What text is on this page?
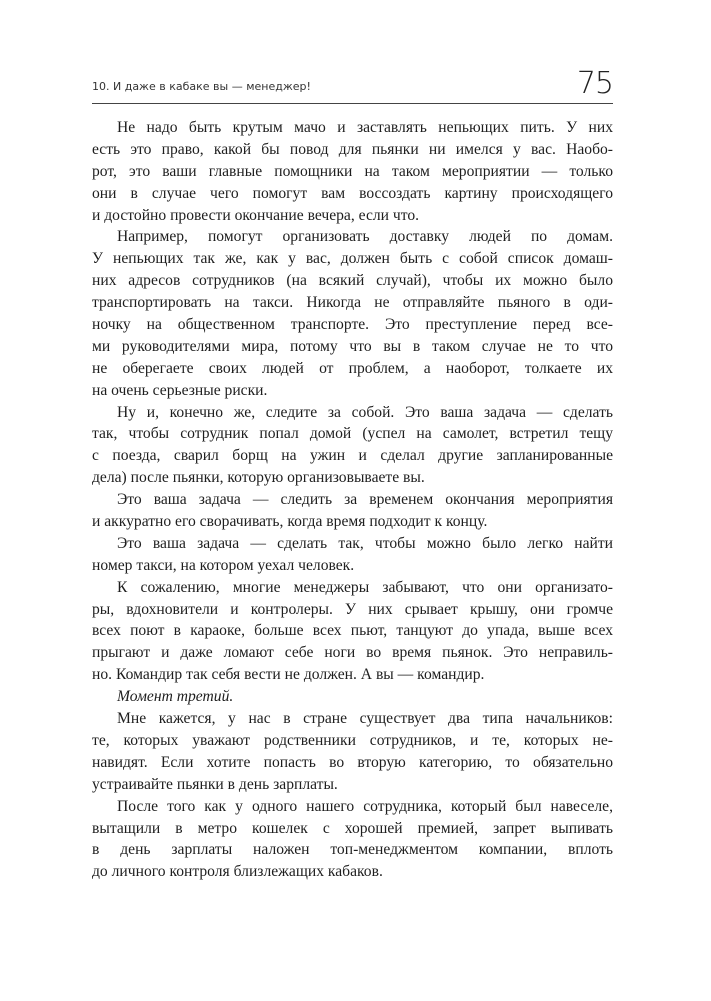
10. И даже в кабаке вы — менеджер!	75
Не надо быть крутым мачо и заставлять непьющих пить. У них
есть это право, какой бы повод для пьянки ни имелся у вас. Наобо-
рот, это ваши главные помощники на таком мероприятии — только
они в случае чего помогут вам воссоздать картину происходящего
и достойно провести окончание вечера, если что.
Например, помогут организовать доставку людей по домам.
У непьющих так же, как у вас, должен быть с собой список домаш-
них адресов сотрудников (на всякий случай), чтобы их можно было
транспортировать на такси. Никогда не отправляйте пьяного в оди-
ночку на общественном транспорте. Это преступление перед все-
ми руководителями мира, потому что вы в таком случае не то что
не оберегаете своих людей от проблем, а наоборот, толкаете их
на очень серьезные риски.
Ну и, конечно же, следите за собой. Это ваша задача — сделать
так, чтобы сотрудник попал домой (успел на самолет, встретил тещу
с поезда, сварил борщ на ужин и сделал другие запланированные
дела) после пьянки, которую организовываете вы.
Это ваша задача — следить за временем окончания мероприятия
и аккуратно его сворачивать, когда время подходит к концу.
Это ваша задача — сделать так, чтобы можно было легко найти
номер такси, на котором уехал человек.
К сожалению, многие менеджеры забывают, что они организато-
ры, вдохновители и контролеры. У них срывает крышу, они громче
всех поют в караоке, больше всех пьют, танцуют до упада, выше всех
прыгают и даже ломают себе ноги во время пьянок. Это неправиль-
но. Командир так себя вести не должен. А вы — командир.
Момент третий.
Мне кажется, у нас в стране существует два типа начальников:
те, которых уважают родственники сотрудников, и те, которых не-
навидят. Если хотите попасть во вторую категорию, то обязательно
устраивайте пьянки в день зарплаты.
После того как у одного нашего сотрудника, который был навеселе,
вытащили в метро кошелек с хорошей премией, запрет выпивать
в день зарплаты наложен топ-менеджментом компании, вплоть
до личного контроля близлежащих кабаков.
